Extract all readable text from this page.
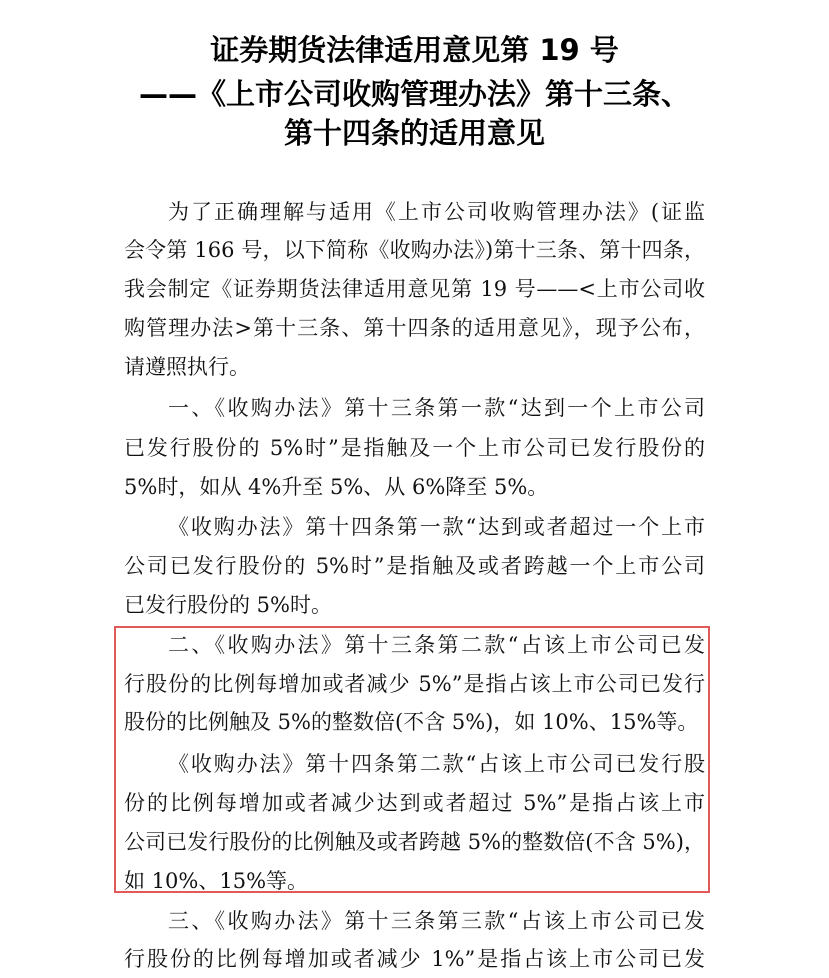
证券期货法律适用意见第 19 号
——《上市公司收购管理办法》第十三条、
第十四条的适用意见
为了正确理解与适用《上市公司收购管理办法》(证监
会令第 166 号，以下简称《收购办法》)第十三条、第十四条，
我会制定《证券期货法律适用意见第 19 号——<上市公司收
购管理办法>第十三条、第十四条的适用意见》，现予公布，
请遵照执行。
一、《收购办法》第十三条第一款“达到一个上市公司
已发行股份的 5%时”是指触及一个上市公司已发行股份的
5%时，如从 4%升至 5%、从 6%降至 5%。
《收购办法》第十四条第一款“达到或者超过一个上市
公司已发行股份的 5%时”是指触及或者跨越一个上市公司
已发行股份的 5%时。
二、《收购办法》第十三条第二款“占该上市公司已发
行股份的比例每增加或者减少 5%”是指占该上市公司已发行
股份的比例触及 5%的整数倍(不含 5%)，如 10%、15%等。
《收购办法》第十四条第二款“占该上市公司已发行股
份的比例每增加或者减少达到或者超过 5%”是指占该上市
公司已发行股份的比例触及或者跨越 5%的整数倍(不含 5%)，
如 10%、15%等。
三、《收购办法》第十三条第三款“占该上市公司已发
行股份的比例每增加或者减少 1%”是指占该上市公司已发
